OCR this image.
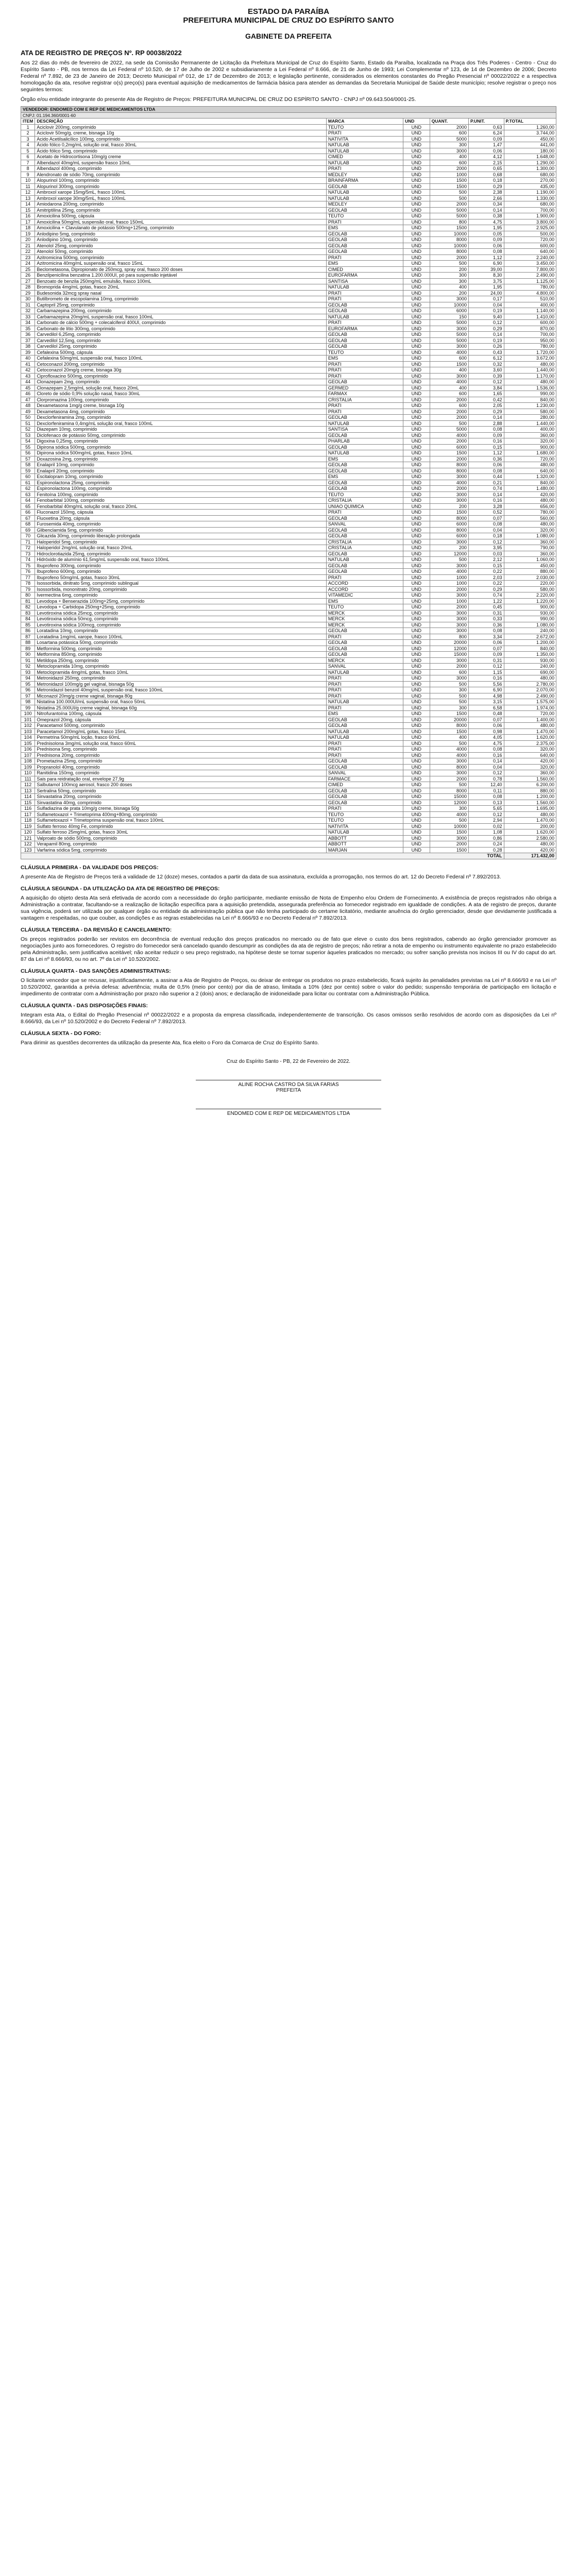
ESTADO DA PARAÍBA
PREFEITURA MUNICIPAL DE CRUZ DO ESPÍRITO SANTO
GABINETE DA PREFEITA
ATA DE REGISTRO DE PREÇOS Nº. RP 00038/2022

Aos 22 dias do mês de fevereiro de 2022, na sede da Comissão Permanente de Licitação da Prefeitura Municipal de Cruz do Espírito Santo, Estado da Paraíba, localizada na Praça dos Três Poderes - Centro - Cruz do Espírito Santo - PB, nos termos da Lei Federal nº 10.520, de 17 de Julho de 2002 e subsidiariamente a Lei Federal nº 8.666, de 21 de Junho de 1993; Lei Complementar nº 123, de 14 de Dezembro de 2006; Decreto Federal nº 7.892, de 23 de Janeiro de 2013; Decreto Municipal nº 012, de 17 de Dezembro de 2013; e legislação pertinente, considerados os elementos constantes do Pregão Presencial nº 00022/2022 e a respectiva homologação da ata, resolve registrar o(s) preço(s) para eventual aquisição de medicamentos de farmácia básica para atender as demandas da Secretaria Municipal de Saúde deste município; resolve registrar o preço nos seguintes termos:

Órgão e/ou entidade integrante do presente Ata de Registro de Preços: PREFEITURA MUNICIPAL DE CRUZ DO ESPÍRITO SANTO - CNPJ nº 09.643.504/0001-25.

VENDEDOR: ENDOMED COM E REP DE MEDICAMENTOS LTDA						
CNPJ: 01.194.360/0001-60						
ITEM	DESCRIÇÃO	MARCA	UND	QUANT.	P.UNIT.	P.TOTAL
1	Aciclovir 200mg, comprimido	TEUTO	UND	2000	0,63	1.260,00
2	Aciclovir 50mg/g, creme, bisnaga 10g	PRATI	UND	600	6,24	3.744,00
3	Acido Acetilsalicílico 100mg, comprimido	NATIVITA	UND	5000	0,09	450,00
4	Ácido fólico 0,2mg/mL solução oral, frasco 30mL	NATULAB	UND	300	1,47	441,00
5	Ácido fólico 5mg, comprimido	NATULAB	UND	3000	0,06	180,00
6	Acetato de Hidrocortisona 10mg/g creme	CIMED	UND	400	4,12	1.648,00
7	Albendazol 40mg/mL suspensão frasco 10mL	NATULAB	UND	600	2,15	1.290,00
8	Albendazol 400mg, comprimido	PRATI	UND	2000	0,65	1.300,00
9	Alendronato de sódio 70mg, comprimido	MEDLEY	UND	1000	0,68	680,00
10	Alopurinol 100mg, comprimido	BRAINFARMA	UND	1500	0,18	270,00
11	Alopurinol 300mg, comprimido	GEOLAB	UND	1500	0,29	435,00
12	Ambroxol xarope 15mg/5mL, frasco 100mL	NATULAB	UND	500	2,38	1.190,00
13	Ambroxol xarope 30mg/5mL, frasco 100mL	NATULAB	UND	500	2,66	1.330,00
14	Amiodarona 200mg, comprimido	MEDLEY	UND	2000	0,34	680,00
15	Amitriptilina 25mg, comprimido	GEOLAB	UND	5000	0,14	700,00
16	Amoxicilina 500mg, cápsula	TEUTO	UND	5000	0,38	1.900,00
17	Amoxicilina 50mg/mL suspensão oral, frasco 150mL	PRATI	UND	800	4,75	3.800,00
18	Amoxicilina + Clavulanato de potássio 500mg+125mg, comprimido	EMS	UND	1500	1,95	2.925,00
19	Anlodipino 5mg, comprimido	GEOLAB	UND	10000	0,05	500,00
20	Anlodipino 10mg, comprimido	GEOLAB	UND	8000	0,09	720,00
21	Atenolol 25mg, comprimido	GEOLAB	UND	10000	0,06	600,00
22	Atenolol 50mg, comprimido	GEOLAB	UND	8000	0,08	640,00
23	Azitromicina 500mg, comprimido	PRATI	UND	2000	1,12	2.240,00
24	Azitromicina 40mg/mL suspensão oral, frasco 15mL	EMS	UND	500	6,90	3.450,00
25	Beclometasona, Dipropionato de 250mcg, spray oral, frasco 200 doses	CIMED	UND	200	39,00	7.800,00
26	Benzilpenicilina benzatina 1.200.000UI, pó para suspensão injetável	EUROFARMA	UND	300	8,30	2.490,00
27	Benzoato de benzila 250mg/mL emulsão, frasco 100mL	SANTISA	UND	300	3,75	1.125,00
28	Bromoprida 4mg/mL gotas, frasco 20mL	NATULAB	UND	400	1,95	780,00
29	Budesonida 32mcg spray nasal	PRATI	UND	200	24,00	4.800,00
30	Butilbrometo de escopolamina 10mg, comprimido	PRATI	UND	3000	0,17	510,00
31	Captopril 25mg, comprimido	GEOLAB	UND	10000	0,04	400,00
32	Carbamazepina 200mg, comprimido	GEOLAB	UND	6000	0,19	1.140,00
33	Carbamazepina 20mg/mL suspensão oral, frasco 100mL	NATULAB	UND	150	9,40	1.410,00
34	Carbonato de cálcio 500mg + colecalciferol 400UI, comprimido	PRATI	UND	5000	0,12	600,00
35	Carbonato de lítio 300mg, comprimido	EUROFARMA	UND	3000	0,29	870,00
36	Carvedilol 6,25mg, comprimido	GEOLAB	UND	5000	0,14	700,00
37	Carvedilol 12,5mg, comprimido	GEOLAB	UND	5000	0,19	950,00
38	Carvedilol 25mg, comprimido	GEOLAB	UND	3000	0,26	780,00
39	Cefalexina 500mg, cápsula	TEUTO	UND	4000	0,43	1.720,00
40	Cefalexina 50mg/mL suspensão oral, frasco 100mL	EMS	UND	600	6,12	3.672,00
41	Cetoconazol 200mg, comprimido	PRATI	UND	1500	0,32	480,00
42	Cetoconazol 20mg/g creme, bisnaga 30g	PRATI	UND	400	3,60	1.440,00
43	Ciprofloxacino 500mg, comprimido	PRATI	UND	3000	0,39	1.170,00
44	Clonazepam 2mg, comprimido	GEOLAB	UND	4000	0,12	480,00
45	Clonazepam 2,5mg/mL solução oral, frasco 20mL	GERMED	UND	400	3,84	1.536,00
46	Cloreto de sódio 0,9% solução nasal, frasco 30mL	FARMAX	UND	600	1,65	990,00
47	Clorpromazina 100mg, comprimido	CRISTALIA	UND	2000	0,42	840,00
48	Dexametasona 1mg/g creme, bisnaga 10g	PRATI	UND	600	2,05	1.230,00
49	Dexametasona 4mg, comprimido	PRATI	UND	2000	0,29	580,00
50	Dexclorfeniramina 2mg, comprimido	GEOLAB	UND	2000	0,14	280,00
51	Dexclorfeniramina 0,4mg/mL solução oral, frasco 100mL	NATULAB	UND	500	2,88	1.440,00
52	Diazepam 10mg, comprimido	SANTISA	UND	5000	0,08	400,00
53	Diclofenaco de potássio 50mg, comprimido	GEOLAB	UND	4000	0,09	360,00
54	Digoxina 0,25mg, comprimido	PHARLAB	UND	2000	0,16	320,00
55	Dipirona sódica 500mg, comprimido	GEOLAB	UND	6000	0,15	900,00
56	Dipirona sódica 500mg/mL gotas, frasco 10mL	NATULAB	UND	1500	1,12	1.680,00
57	Doxazosina 2mg, comprimido	EMS	UND	2000	0,36	720,00
58	Enalapril 10mg, comprimido	GEOLAB	UND	8000	0,06	480,00
59	Enalapril 20mg, comprimido	GEOLAB	UND	8000	0,08	640,00
60	Escitalopram 10mg, comprimido	EMS	UND	3000	0,44	1.320,00
61	Espironolactona 25mg, comprimido	GEOLAB	UND	4000	0,21	840,00
62	Espironolactona 100mg, comprimido	GEOLAB	UND	2000	0,74	1.480,00
63	Fenitoína 100mg, comprimido	TEUTO	UND	3000	0,14	420,00
64	Fenobarbital 100mg, comprimido	CRISTALIA	UND	3000	0,16	480,00
65	Fenobarbital 40mg/mL solução oral, frasco 20mL	UNIAO QUIMICA	UND	200	3,28	656,00
66	Fluconazol 150mg, cápsula	PRATI	UND	1500	0,52	780,00
67	Fluoxetina 20mg, cápsula	GEOLAB	UND	8000	0,07	560,00
68	Furosemida 40mg, comprimido	SANVAL	UND	6000	0,08	480,00
69	Glibenclamida 5mg, comprimido	GEOLAB	UND	8000	0,04	320,00
70	Glicazida 30mg, comprimido liberação prolongada	GEOLAB	UND	6000	0,18	1.080,00
71	Haloperidol 5mg, comprimido	CRISTALIA	UND	3000	0,12	360,00
72	Haloperidol 2mg/mL solução oral, frasco 20mL	CRISTALIA	UND	200	3,95	790,00
73	Hidroclorotiazida 25mg, comprimido	GEOLAB	UND	12000	0,03	360,00
74	Hidróxido de alumínio 61,5mg/mL suspensão oral, frasco 100mL	NATULAB	UND	500	2,12	1.060,00
75	Ibuprofeno 300mg, comprimido	GEOLAB	UND	3000	0,15	450,00
76	Ibuprofeno 600mg, comprimido	GEOLAB	UND	4000	0,22	880,00
77	Ibuprofeno 50mg/mL gotas, frasco 30mL	PRATI	UND	1000	2,03	2.030,00
78	Isossorbida, dinitrato 5mg, comprimido sublingual	ACCORD	UND	1000	0,22	220,00
79	Isossorbida, mononitrato 20mg, comprimido	ACCORD	UND	2000	0,29	580,00
80	Ivermectina 6mg, comprimido	VITAMEDIC	UND	3000	0,74	2.220,00
81	Levodopa + Benserazida 100mg+25mg, comprimido	EMS	UND	1000	1,22	1.220,00
82	Levodopa + Carbidopa 250mg+25mg, comprimido	TEUTO	UND	2000	0,45	900,00
83	Levotiroxina sódica 25mcg, comprimido	MERCK	UND	3000	0,31	930,00
84	Levotiroxina sódica 50mcg, comprimido	MERCK	UND	3000	0,33	990,00
85	Levotiroxina sódica 100mcg, comprimido	MERCK	UND	3000	0,36	1.080,00
86	Loratadina 10mg, comprimido	GEOLAB	UND	3000	0,08	240,00
87	Loratadina 1mg/mL xarope, frasco 100mL	PRATI	UND	800	3,34	2.672,00
88	Losartana potássica 50mg, comprimido	GEOLAB	UND	20000	0,06	1.200,00
89	Metformina 500mg, comprimido	GEOLAB	UND	12000	0,07	840,00
90	Metformina 850mg, comprimido	GEOLAB	UND	15000	0,09	1.350,00
91	Metildopa 250mg, comprimido	MERCK	UND	3000	0,31	930,00
92	Metoclopramida 10mg, comprimido	SANVAL	UND	2000	0,12	240,00
93	Metoclopramida 4mg/mL gotas, frasco 10mL	NATULAB	UND	600	1,15	690,00
94	Metronidazol 250mg, comprimido	PRATI	UND	3000	0,16	480,00
95	Metronidazol 100mg/g gel vaginal, bisnaga 50g	PRATI	UND	500	5,56	2.780,00
96	Metronidazol benzoil 40mg/mL suspensão oral, frasco 100mL	PRATI	UND	300	6,90	2.070,00
97	Miconazol 20mg/g creme vaginal, bisnaga 80g	PRATI	UND	500	4,98	2.490,00
98	Nistatina 100.000UI/mL suspensão oral, frasco 50mL	NATULAB	UND	500	3,15	1.575,00
99	Nistatina 25.000UI/g creme vaginal, bisnaga 60g	PRATI	UND	300	6,58	1.974,00
100	Nitrofurantoína 100mg, cápsula	EMS	UND	1500	0,48	720,00
101	Omeprazol 20mg, cápsula	GEOLAB	UND	20000	0,07	1.400,00
102	Paracetamol 500mg, comprimido	GEOLAB	UND	8000	0,06	480,00
103	Paracetamol 200mg/mL gotas, frasco 15mL	NATULAB	UND	1500	0,98	1.470,00
104	Permetrina 50mg/mL loção, frasco 60mL	NATULAB	UND	400	4,05	1.620,00
105	Prednisolona 3mg/mL solução oral, frasco 60mL	PRATI	UND	500	4,75	2.375,00
106	Prednisona 5mg, comprimido	PRATI	UND	4000	0,08	320,00
107	Prednisona 20mg, comprimido	PRATI	UND	4000	0,16	640,00
108	Prometazina 25mg, comprimido	GEOLAB	UND	3000	0,14	420,00
109	Propranolol 40mg, comprimido	GEOLAB	UND	8000	0,04	320,00
110	Ranitidina 150mg, comprimido	SANVAL	UND	3000	0,12	360,00
111	Sais para reidratação oral, envelope 27,9g	FARMACE	UND	2000	0,78	1.560,00
112	Salbutamol 100mcg aerosol, frasco 200 doses	CIMED	UND	500	12,40	6.200,00
113	Sertralina 50mg, comprimido	GEOLAB	UND	8000	0,11	880,00
114	Sinvastatina 20mg, comprimido	GEOLAB	UND	15000	0,08	1.200,00
115	Sinvastatina 40mg, comprimido	GEOLAB	UND	12000	0,13	1.560,00
116	Sulfadiazina de prata 10mg/g creme, bisnaga 50g	PRATI	UND	300	5,65	1.695,00
117	Sulfametoxazol + Trimetoprima 400mg+80mg, comprimido	TEUTO	UND	4000	0,12	480,00
118	Sulfametoxazol + Trimetoprima suspensão oral, frasco 100mL	TEUTO	UND	500	2,94	1.470,00
119	Sulfato ferroso 40mg Fe, comprimido	NATIVITA	UND	10000	0,02	200,00
120	Sulfato ferroso 25mg/mL gotas, frasco 30mL	NATULAB	UND	1500	1,08	1.620,00
121	Valproato de sódio 500mg, comprimido	ABBOTT	UND	3000	0,86	2.580,00
122	Verapamil 80mg, comprimido	ABBOTT	UND	2000	0,24	480,00
123	Varfarina sódica 5mg, comprimido	MARJAN	UND	1500	0,28	420,00
TOTAL						171.432,00
CLÁUSULA PRIMEIRA - DA VALIDADE DOS PREÇOS:

A presente Ata de Registro de Preços terá a validade de 12 (doze) meses, contados a partir da data de sua assinatura, excluída a prorrogação, nos termos do art. 12 do Decreto Federal nº 7.892/2013.

CLÁUSULA SEGUNDA - DA UTILIZAÇÃO DA ATA DE REGISTRO DE PREÇOS:

A aquisição do objeto desta Ata será efetivada de acordo com a necessidade do órgão participante, mediante emissão de Nota de Empenho e/ou Ordem de Fornecimento. A existência de preços registrados não obriga a Administração a contratar, facultando-se a realização de licitação específica para a aquisição pretendida, assegurada preferência ao fornecedor registrado em igualdade de condições. A ata de registro de preços, durante sua vigência, poderá ser utilizada por qualquer órgão ou entidade da administração pública que não tenha participado do certame licitatório, mediante anuência do órgão gerenciador, desde que devidamente justificada a vantagem e respeitadas, no que couber, as condições e as regras estabelecidas na Lei nº 8.666/93 e no Decreto Federal nº 7.892/2013.

CLÁUSULA TERCEIRA - DA REVISÃO E CANCELAMENTO:

Os preços registrados poderão ser revistos em decorrência de eventual redução dos preços praticados no mercado ou de fato que eleve o custo dos bens registrados, cabendo ao órgão gerenciador promover as negociações junto aos fornecedores. O registro do fornecedor será cancelado quando descumprir as condições da ata de registro de preços; não retirar a nota de empenho ou instrumento equivalente no prazo estabelecido pela Administração, sem justificativa aceitável; não aceitar reduzir o seu preço registrado, na hipótese deste se tornar superior àqueles praticados no mercado; ou sofrer sanção prevista nos incisos III ou IV do caput do art. 87 da Lei nº 8.666/93, ou no art. 7º da Lei nº 10.520/2002.

CLÁUSULA QUARTA - DAS SANÇÕES ADMINISTRATIVAS:

O licitante vencedor que se recusar, injustificadamente, a assinar a Ata de Registro de Preços, ou deixar de entregar os produtos no prazo estabelecido, ficará sujeito às penalidades previstas na Lei nº 8.666/93 e na Lei nº 10.520/2002, garantida a prévia defesa: advertência; multa de 0,5% (meio por cento) por dia de atraso, limitada a 10% (dez por cento) sobre o valor do pedido; suspensão temporária de participação em licitação e impedimento de contratar com a Administração por prazo não superior a 2 (dois) anos; e declaração de inidoneidade para licitar ou contratar com a Administração Pública.

CLÁUSULA QUINTA - DAS DISPOSIÇÕES FINAIS:

Integram esta Ata, o Edital do Pregão Presencial nº 00022/2022 e a proposta da empresa classificada, independentemente de transcrição. Os casos omissos serão resolvidos de acordo com as disposições da Lei nº 8.666/93, da Lei nº 10.520/2002 e do Decreto Federal nº 7.892/2013.

CLÁUSULA SEXTA - DO FORO:

Para dirimir as questões decorrentes da utilização da presente Ata, fica eleito o Foro da Comarca de Cruz do Espírito Santo.

Cruz do Espírito Santo - PB, 22 de Fevereiro de 2022.
ALINE ROCHA CASTRO DA SILVA FARIAS
PREFEITA
ENDOMED COM E REP DE MEDICAMENTOS LTDA
